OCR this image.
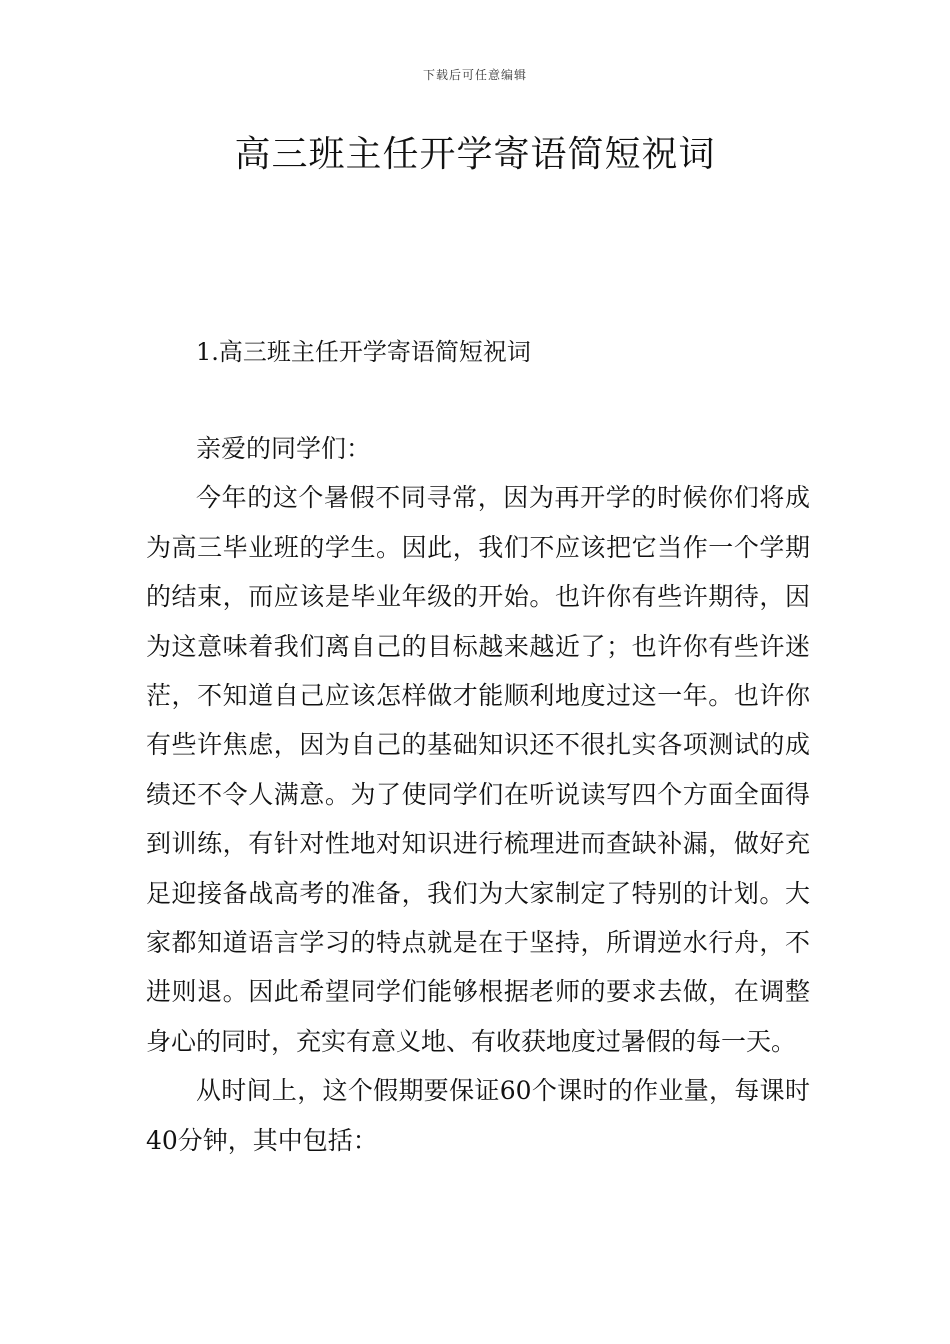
下载后可任意编辑
高三班主任开学寄语简短祝词
1.高三班主任开学寄语简短祝词

亲爱的同学们：

今年的这个暑假不同寻常，因为再开学的时候你们将成为高三毕业班的学生。因此，我们不应该把它当作一个学期的结束，而应该是毕业年级的开始。也许你有些许期待，因为这意味着我们离自己的目标越来越近了；也许你有些许迷茫，不知道自己应该怎样做才能顺利地度过这一年。也许你有些许焦虑，因为自己的基础知识还不很扎实各项测试的成绩还不令人满意。为了使同学们在听说读写四个方面全面得到训练，有针对性地对知识进行梳理进而查缺补漏，做好充足迎接备战高考的准备，我们为大家制定了特别的计划。大家都知道语言学习的特点就是在于坚持，所谓逆水行舟，不进则退。因此希望同学们能够根据老师的要求去做，在调整身心的同时，充实有意义地、有收获地度过暑假的每一天。

从时间上，这个假期要保证60个课时的作业量，每课时40分钟，其中包括：
